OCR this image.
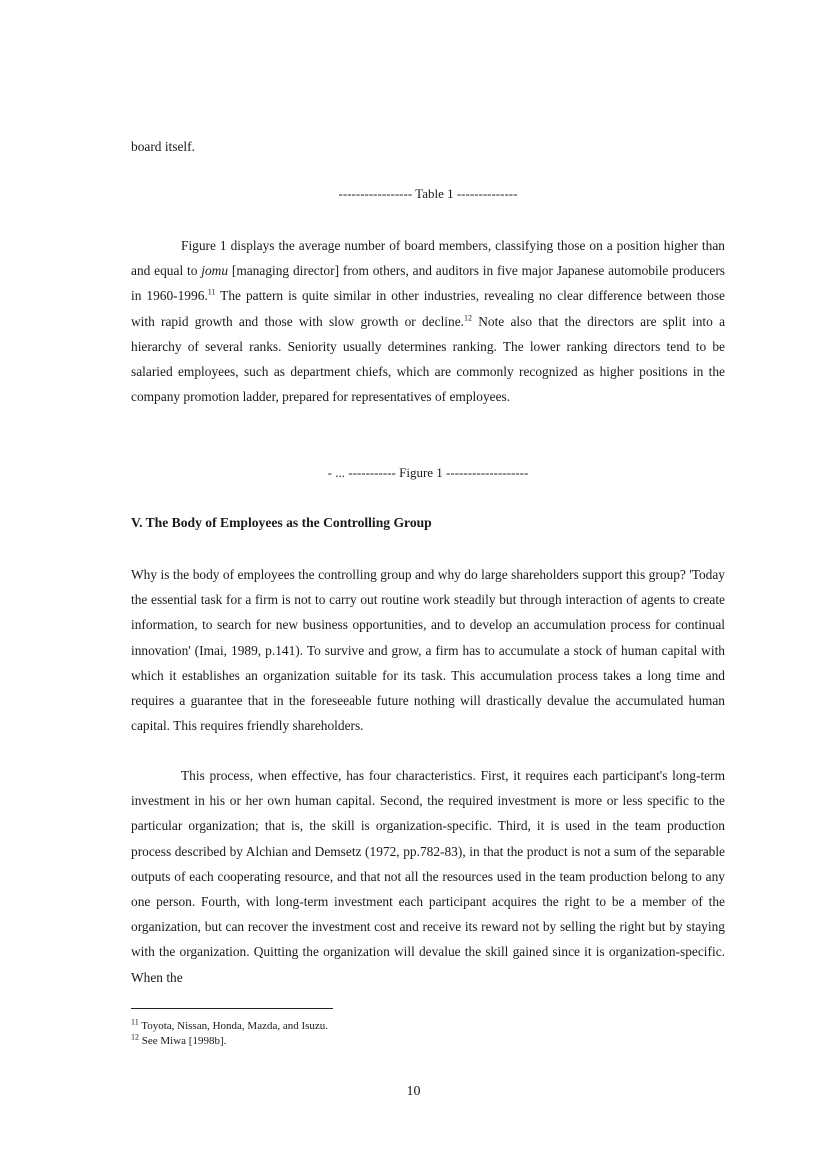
board itself.

----------------- Table 1 --------------

Figure 1 displays the average number of board members, classifying those on a position higher than and equal to jomu [managing director] from others, and auditors in five major Japanese automobile producers in 1960-1996.11 The pattern is quite similar in other industries, revealing no clear difference between those with rapid growth and those with slow growth or decline.$^{12}$ Note also that the directors are split into a hierarchy of several ranks. Seniority usually determines ranking. The lower ranking directors tend to be salaried employees, such as department chiefs, which are commonly recognized as higher positions in the company promotion ladder, prepared for representatives of employees.

- ... ----------- Figure 1 -------------------

V. The Body of Employees as the Controlling Group

Why is the body of employees the controlling group and why do large shareholders support this group? 'Today the essential task for a firm is not to carry out routine work steadily but through interaction of agents to create information, to search for new business opportunities, and to develop an accumulation process for continual innovation' (Imai, 1989, p.141). To survive and grow, a firm has to accumulate a stock of human capital with which it establishes an organization suitable for its task. This accumulation process takes a long time and requires a guarantee that in the foreseeable future nothing will drastically devalue the accumulated human capital. This requires friendly shareholders.

This process, when effective, has four characteristics. First, it requires each participant's long-term investment in his or her own human capital. Second, the required investment is more or less specific to the particular organization; that is, the skill is organization-specific. Third, it is used in the team production process described by Alchian and Demsetz (1972, pp.782-83), in that the product is not a sum of the separable outputs of each cooperating resource, and that not all the resources used in the team production belong to any one person. Fourth, with long-term investment each participant acquires the right to be a member of the organization, but can recover the investment cost and receive its reward not by selling the right but by staying with the organization. Quitting the organization will devalue the skill gained since it is organization-specific. When the

$^{11}$ Toyota, Nissan, Honda, Mazda, and Isuzu.

$^{12}$ See Miwa [1998b].

10
